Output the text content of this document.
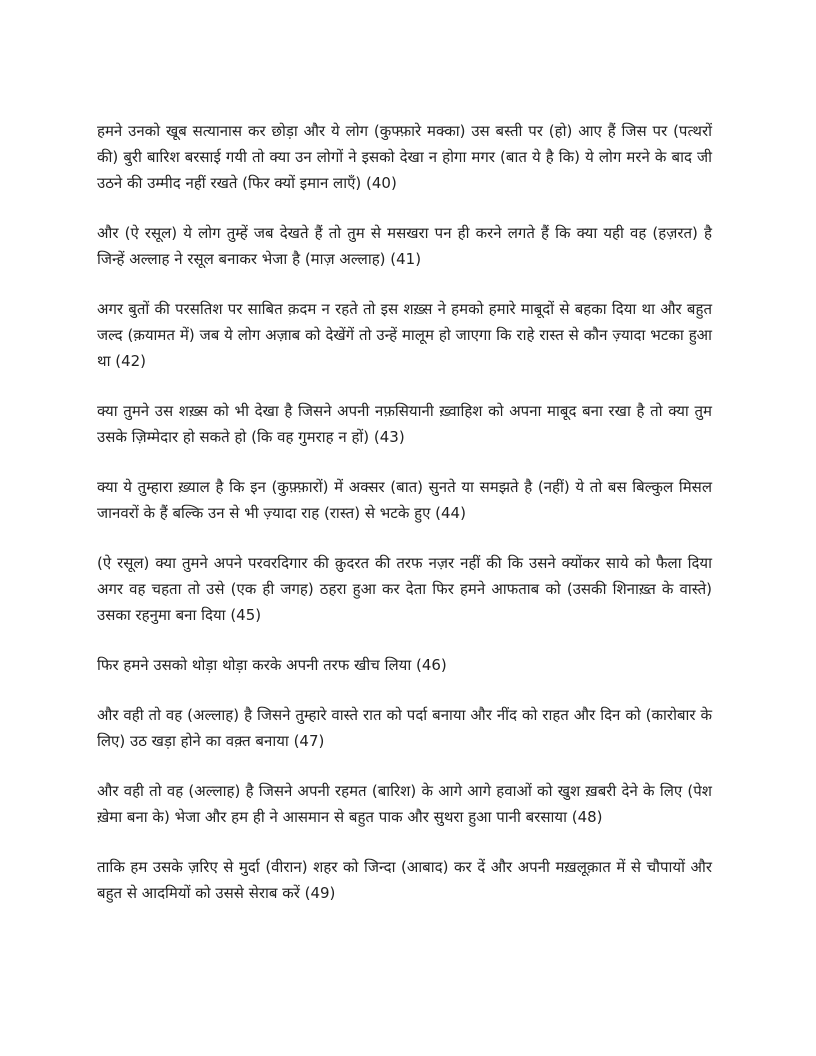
हमने उनको खूब सत्यानास कर छोड़ा और ये लोग (कुफ्फ़ारे मक्का) उस बस्ती पर (हो) आए हैं जिस पर (पत्थरों की) बुरी बारिश बरसाई गयी तो क्या उन लोगों ने इसको देखा न होगा मगर (बात ये है कि) ये लोग मरने के बाद जी उठने की उम्मीद नहीं रखते (फिर क्यों इमान लाएँ) (40)

और (ऐ रसूल) ये लोग तुम्हें जब देखते हैं तो तुम से मसखरा पन ही करने लगते हैं कि क्या यही वह (हज़रत) है जिन्हें अल्लाह ने रसूल बनाकर भेजा है (माज़ अल्लाह) (41)

अगर बुतों की परसतिश पर साबित क़दम न रहते तो इस शख़्स ने हमको हमारे माबूदों से बहका दिया था और बहुत जल्द (क़यामत में) जब ये लोग अज़ाब को देखेंगें तो उन्हें मालूम हो जाएगा कि राहे रास्त से कौन ज़्यादा भटका हुआ था (42)

क्या तुमने उस शख़्स को भी देखा है जिसने अपनी नफ़सियानी ख़्वाहिश को अपना माबूद बना रखा है तो क्या तुम उसके ज़िम्मेदार हो सकते हो (कि वह गुमराह न हों) (43)

क्या ये तुम्हारा ख़्याल है कि इन (कुफ़्फ़ारों) में अक्सर (बात) सुनते या समझते है (नहीं) ये तो बस बिल्कुल मिसल जानवरों के हैं बल्कि उन से भी ज़्यादा राह (रास्त) से भटके हुए (44)

(ऐ रसूल) क्या तुमने अपने परवरदिगार की क़ुदरत की तरफ नज़र नहीं की कि उसने क्योंकर साये को फैला दिया अगर वह चहता तो उसे (एक ही जगह) ठहरा हुआ कर देता फिर हमने आफताब को (उसकी शिनाख़्त के वास्ते) उसका रहनुमा बना दिया (45)

फिर हमने उसको थोड़ा थोड़ा करके अपनी तरफ खीच लिया (46)

और वही तो वह (अल्लाह) है जिसने तुम्हारे वास्ते रात को पर्दा बनाया और नींद को राहत और दिन को (कारोबार के लिए) उठ खड़ा होने का वक़्त बनाया (47)

और वही तो वह (अल्लाह) है जिसने अपनी रहमत (बारिश) के आगे आगे हवाओं को खुश ख़बरी देने के लिए (पेश ख़ेमा बना के) भेजा और हम ही ने आसमान से बहुत पाक और सुथरा हुआ पानी बरसाया (48)

ताकि हम उसके ज़रिए से मुर्दा (वीरान) शहर को जिन्दा (आबाद) कर दें और अपनी मख़लूक़ात में से चौपायों और बहुत से आदमियों को उससे सेराब करें (49)
